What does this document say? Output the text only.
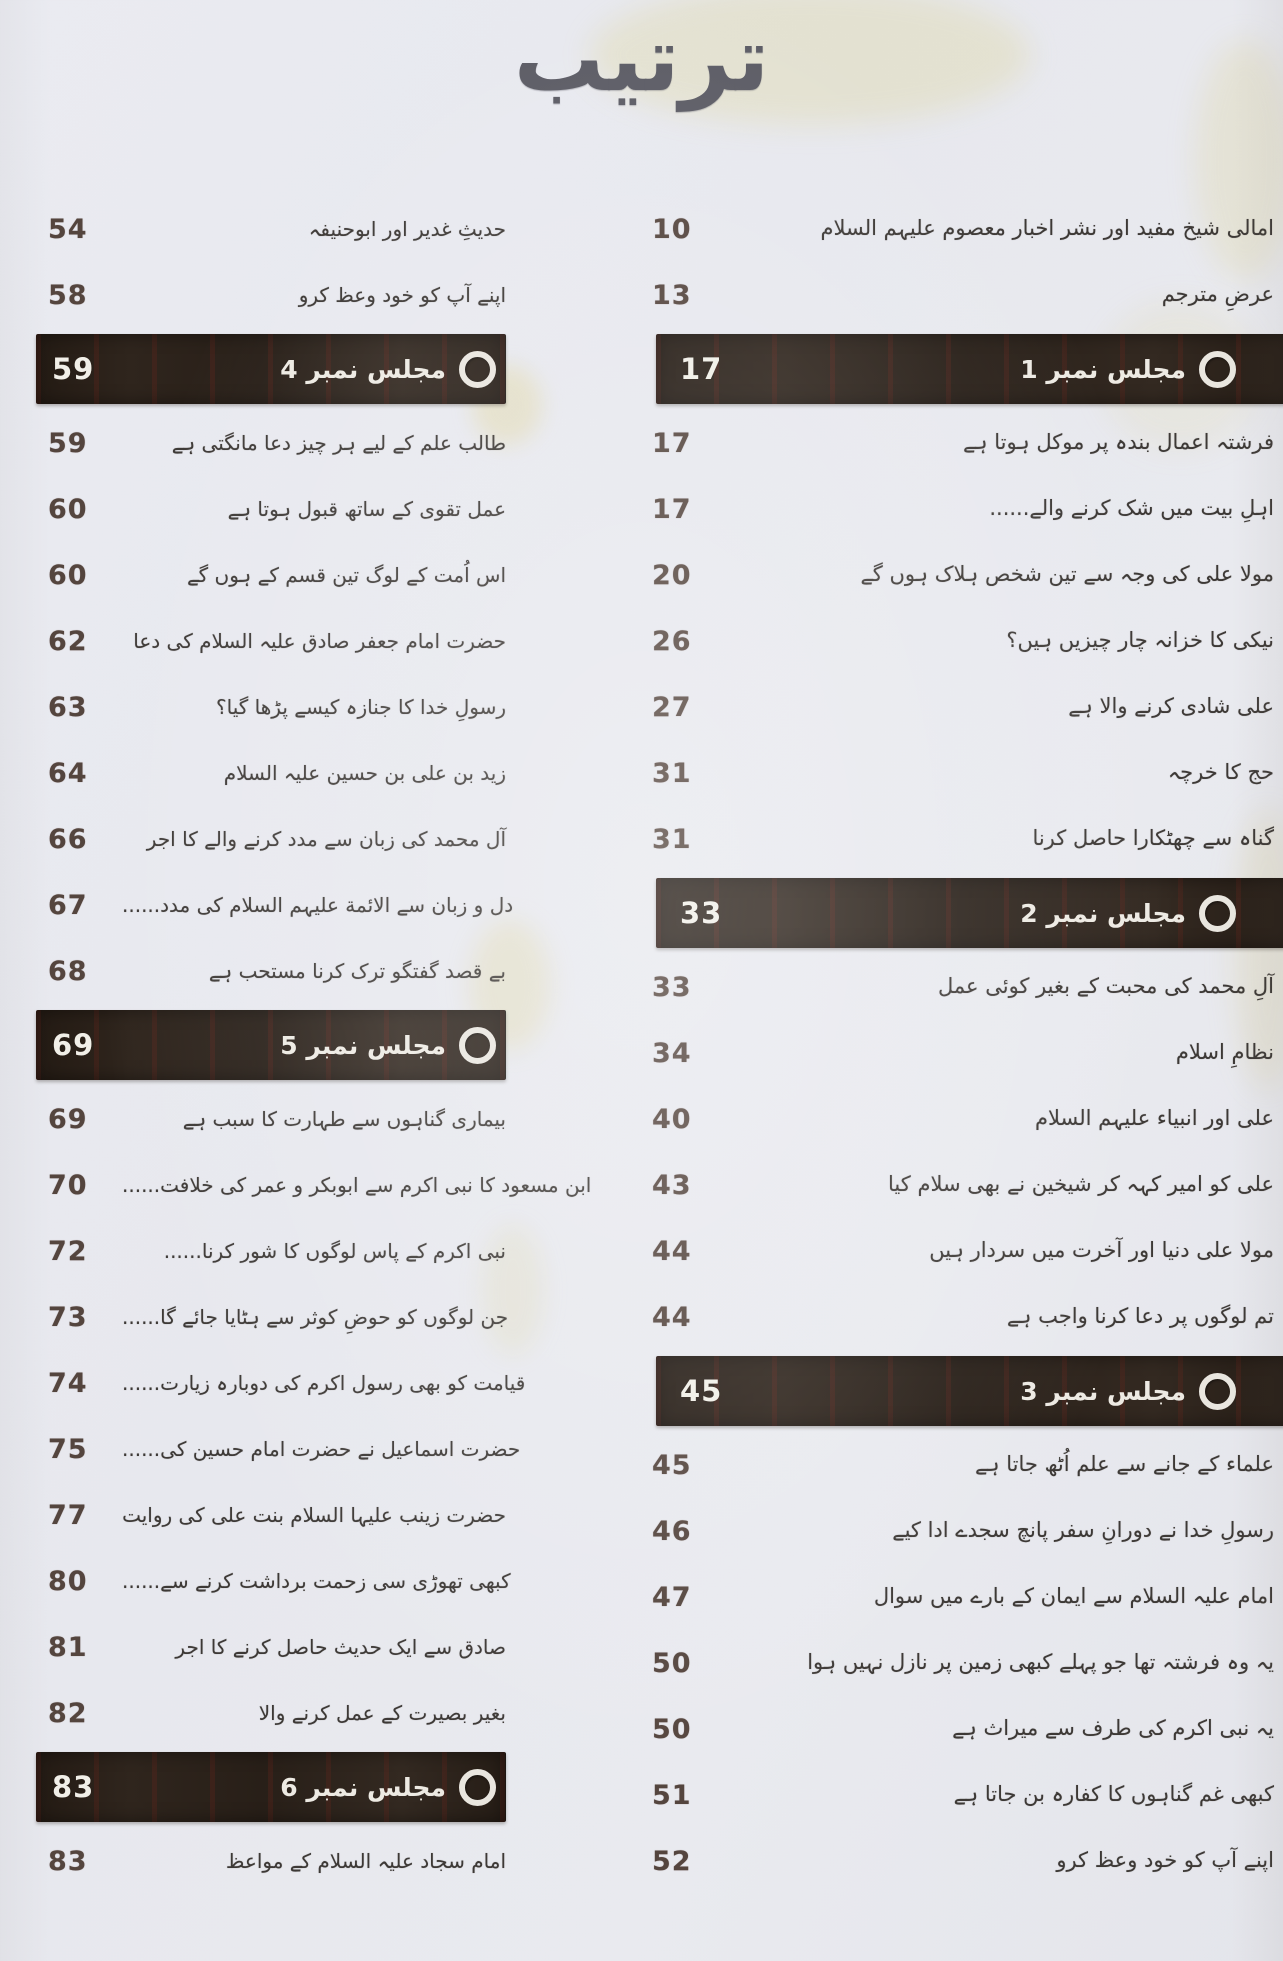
ترتیب
10	امالی شیخ مفید اور نشر اخبار معصوم علیہم السلام
13	عرضِ مترجم
17	مجلس نمبر 1
17	فرشتہ اعمال بندہ پر موکل ہوتا ہے
17	اہلِ بیت میں شک کرنے والے......
20	مولا علی کی وجہ سے تین شخص ہلاک ہوں گے
26	نیکی کا خزانہ چار چیزیں ہیں؟
27	علی شادی کرنے والا ہے
31	حج کا خرچہ
31	گناہ سے چھٹکارا حاصل کرنا
33	مجلس نمبر 2
33	آلِ محمد کی محبت کے بغیر کوئی عمل
34	نظامِ اسلام
40	علی اور انبیاء علیہم السلام
43	علی کو امیر کہہ کر شیخین نے بھی سلام کیا
44	مولا علی دنیا اور آخرت میں سردار ہیں
44	تم لوگوں پر دعا کرنا واجب ہے
45	مجلس نمبر 3
45	علماء کے جانے سے علم اُٹھ جاتا ہے
46	رسولِ خدا نے دورانِ سفر پانچ سجدے ادا کیے
47	امام علیہ السلام سے ایمان کے بارے میں سوال
50	یہ وہ فرشتہ تھا جو پہلے کبھی زمین پر نازل نہیں ہوا
50	یہ نبی اکرم کی طرف سے میراث ہے
51	کبھی غم گناہوں کا کفارہ بن جاتا ہے
52	اپنے آپ کو خود وعظ کرو
54	حدیثِ غدیر اور ابوحنیفہ
58	اپنے آپ کو خود وعظ کرو
59	مجلس نمبر 4
59	طالب علم کے لیے ہر چیز دعا مانگتی ہے
60	عمل تقوی کے ساتھ قبول ہوتا ہے
60	اس اُمت کے لوگ تین قسم کے ہوں گے
62	حضرت امام جعفر صادق علیہ السلام کی دعا
63	رسولِ خدا کا جنازہ کیسے پڑھا گیا؟
64	زید بن علی بن حسین علیہ السلام
66	آل محمد کی زبان سے مدد کرنے والے کا اجر
67	دل و زبان سے الائمة علیہم السلام کی مدد......
68	بے قصد گفتگو ترک کرنا مستحب ہے
69	مجلس نمبر 5
69	بیماری گناہوں سے طہارت کا سبب ہے
70	ابن مسعود کا نبی اکرم سے ابوبکر و عمر کی خلافت......
72	نبی اکرم کے پاس لوگوں کا شور کرنا......
73	جن لوگوں کو حوضِ کوثر سے ہٹایا جائے گا......
74	قیامت کو بھی رسول اکرم کی دوبارہ زیارت......
75	حضرت اسماعیل نے حضرت امام حسین کی......
77	حضرت زینب علیہا السلام بنت علی کی روایت
80	کبھی تھوڑی سی زحمت برداشت کرنے سے......
81	صادق سے ایک حدیث حاصل کرنے کا اجر
82	بغیر بصیرت کے عمل کرنے والا
83	مجلس نمبر 6
83	امام سجاد علیہ السلام کے مواعظ
